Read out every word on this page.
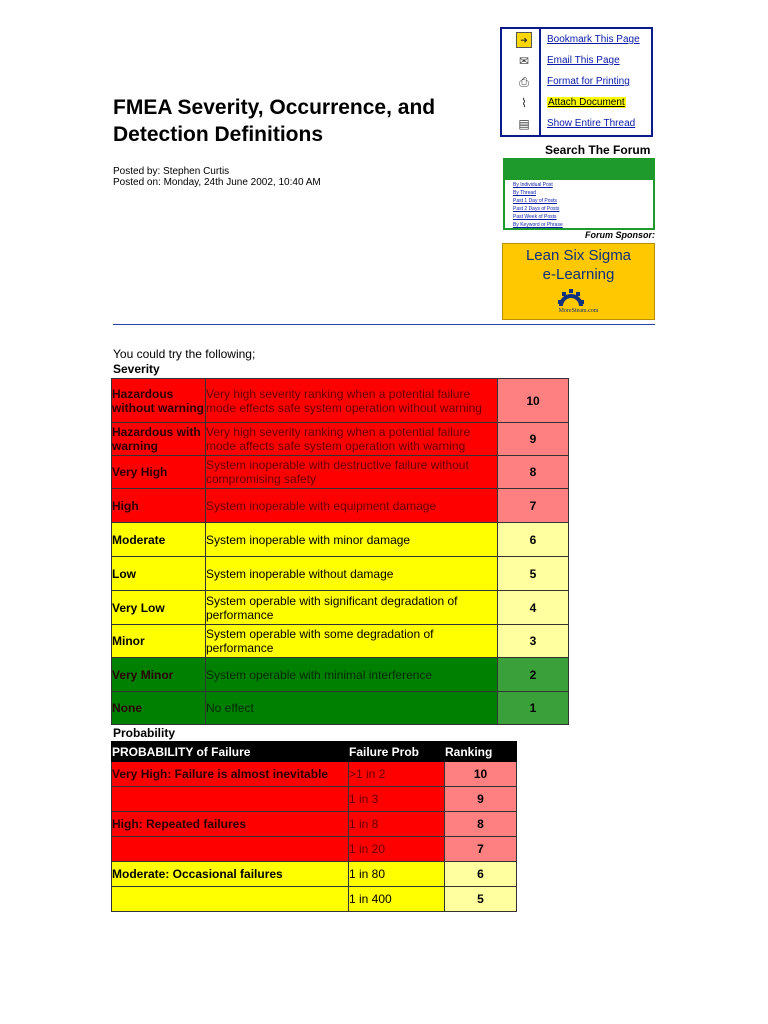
FMEA Severity, Occurrence, and Detection Definitions
Posted by: Stephen Curtis
Posted on: Monday, 24th June 2002, 10:40 AM
➜	Bookmark This Page
✉ Email This Page
⎙	Format for Printing
⌇	Attach Document
▤ Show Entire Thread
Search The Forum
By Individual Post
By Thread
Past 1 Day of Posts
Past 2 Days of Posts
Past Week of Posts
By Keyword or Phrase
Forum Sponsor:
Lean Six Sigma
e-Learning
MoreSteam.com
You could try the following;
Severity
Hazardous without warning	Very high severity ranking when a potential failure mode effects safe system operation without warning	10
Hazardous with warning	Very high severity ranking when a potential failure mode affects safe system operation with warning	9
Very High	System inoperable with destructive failure without compromising safety	8
High	System inoperable with equipment damage	7
Moderate	System inoperable with minor damage	6
Low	System inoperable without damage	5
Very Low	System operable with significant degradation of performance	4
Minor	System operable with some degradation of performance	3
Very Minor	System operable with minimal interference	2
None	No effect	1
Probability
PROBABILITY of Failure	Failure Prob	Ranking
Very High: Failure is almost inevitable	>1 in 2	10
	1 in 3	9
High: Repeated failures	1 in 8	8
	1 in 20	7
Moderate: Occasional failures	1 in 80	6
	1 in 400	5
